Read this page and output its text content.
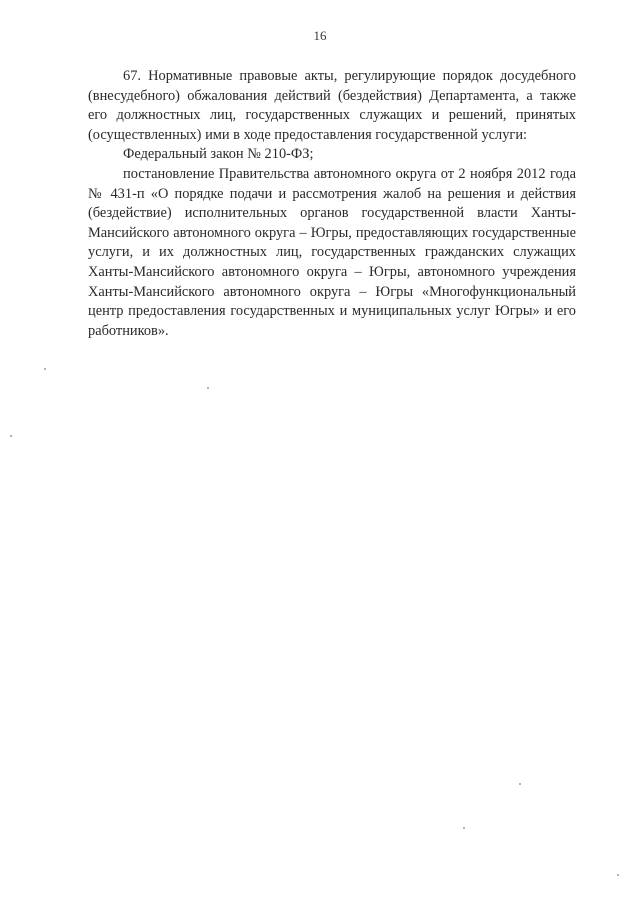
16

67. Нормативные правовые акты, регулирующие порядок досудебного (внесудебного) обжалования действий (бездействия) Департамента, а также его должностных лиц, государственных служащих и решений, принятых (осуществленных) ими в ходе предоставления государственной услуги:

Федеральный закон № 210-ФЗ;

постановление Правительства автономного округа от 2 ноября 2012 года № 431-п «О порядке подачи и рассмотрения жалоб на решения и действия (бездействие) исполнительных органов государственной власти Ханты-Мансийского автономного округа – Югры, предоставляющих государственные услуги, и их должностных лиц, государственных гражданских служащих Ханты-Мансийского автономного округа – Югры, автономного учреждения Ханты-Мансийского автономного округа – Югры «Многофункциональный центр предоставления государственных и муниципальных услуг Югры» и его работников».
